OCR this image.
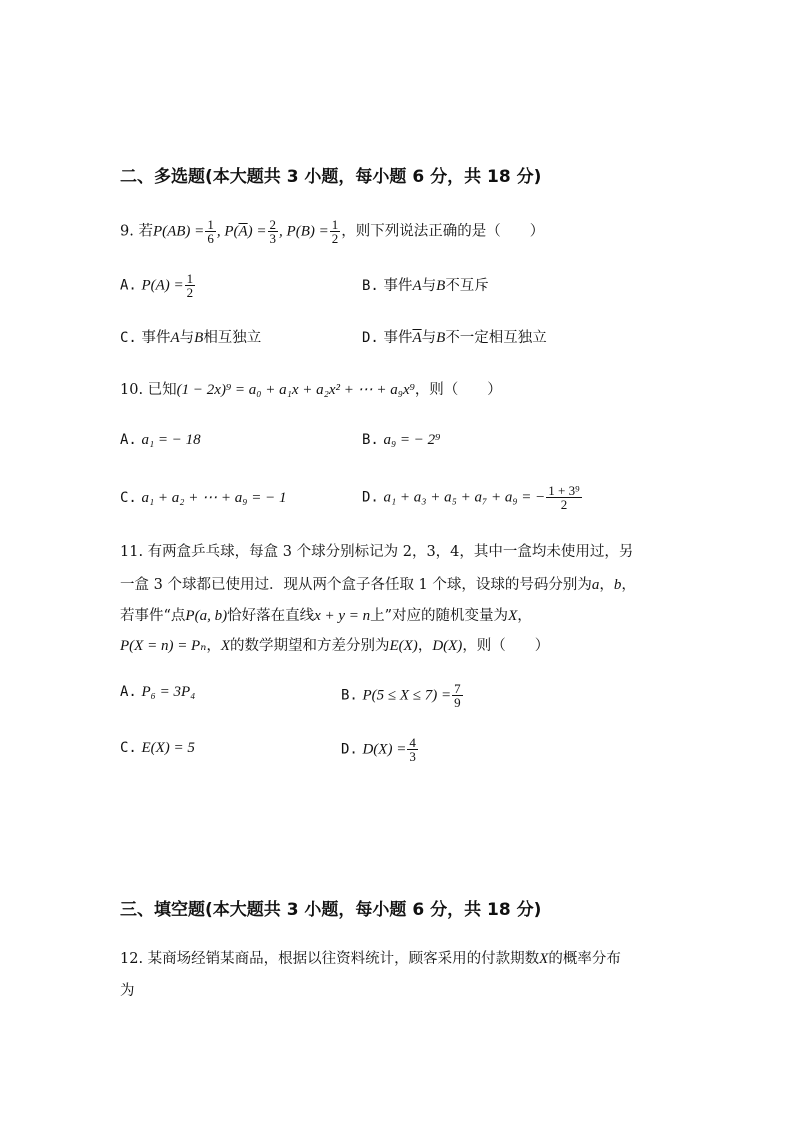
二、多选题(本大题共 3 小题，每小题 6 分，共 18 分)
9. 若$P(AB) = \frac{1}{6}$ , $P(\overline{A}) = \frac{2}{3}$ , $P(B) = \frac{1}{2}$ ，则下列说法正确的是（　　）
A. $P(A) = \frac{1}{2}$	B. 事件A与B不互斥
C. 事件A与B相互独立	D. 事件$\overline{A}$与B不一定相互独立
10. 已知(1 − 2x)⁹ = a₀ + a₁x + a₂x² + ⋯ + a₉x⁹，则（　　）
A. a₁ = − 18	B. a₉ = − 2⁹
C. a₁ + a₂ + ⋯ + a₉ = − 1	D. a₁ + a₃ + a₅ + a₇ + a₉ = − $\frac{\text{1 + 3⁹}}{2}$
11. 有两盒乒乓球，每盒 3 个球分别标记为 2，3，4，其中一盒均未使用过，另
一盒 3 个球都已使用过．现从两个盒子各任取 1 个球，设球的号码分别为a，b，
若事件“点P(a, b)恰好落在直线x + y = n上”对应的随机变量为X，
P(X = n) = Pₙ，X的数学期望和方差分别为E(X)，D(X)，则（　　）
A. P₆ = 3P₄	B. $P(5 \le X \le 7) = \frac{7}{9}$
C. E(X) = 5	D. $D(X) = \frac{4}{3}$
三、填空题(本大题共 3 小题，每小题 6 分，共 18 分)
12. 某商场经销某商品，根据以往资料统计，顾客采用的付款期数X的概率分布
为
